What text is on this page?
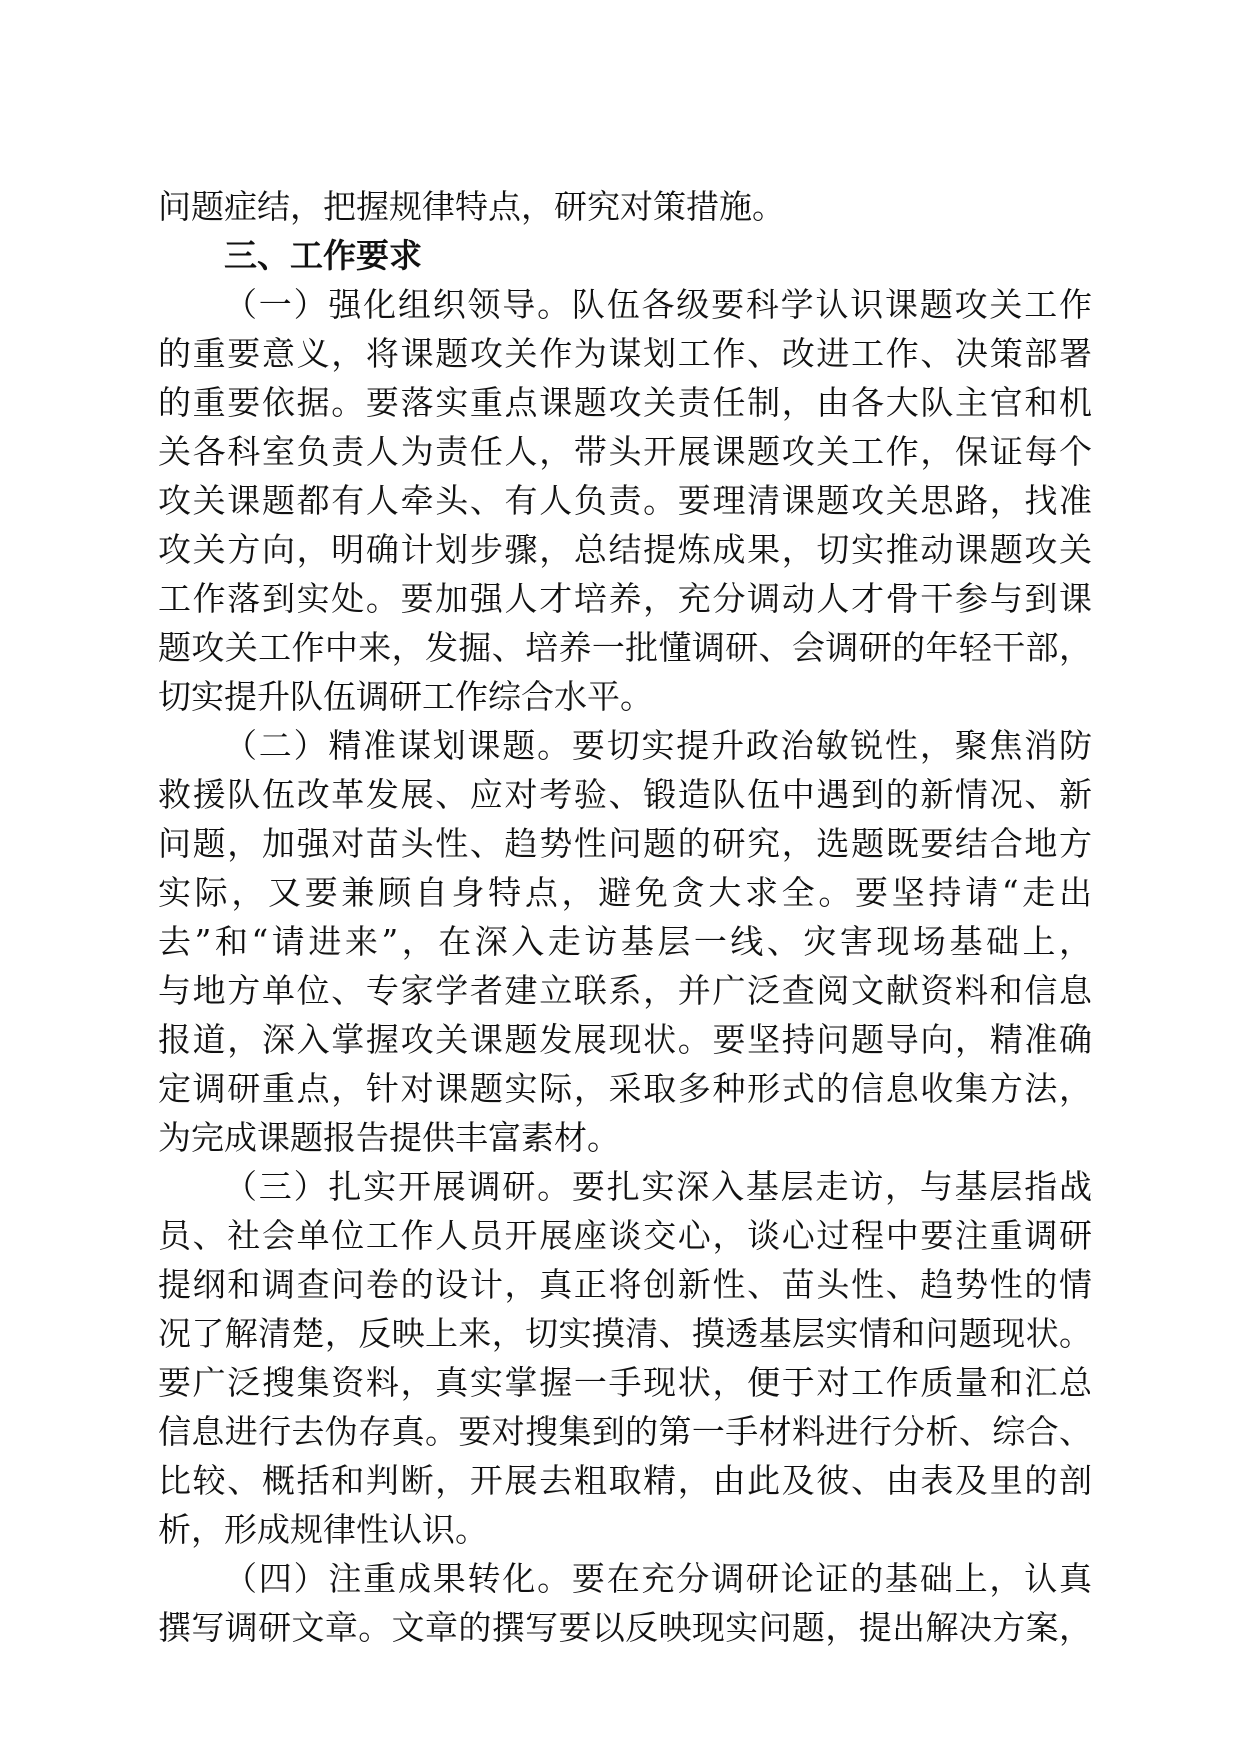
问题症结，把握规律特点，研究对策措施。
三、工作要求
（一）强化组织领导。队伍各级要科学认识课题攻关工作
的重要意义，将课题攻关作为谋划工作、改进工作、决策部署
的重要依据。要落实重点课题攻关责任制，由各大队主官和机
关各科室负责人为责任人，带头开展课题攻关工作，保证每个
攻关课题都有人牵头、有人负责。要理清课题攻关思路，找准
攻关方向，明确计划步骤，总结提炼成果，切实推动课题攻关
工作落到实处。要加强人才培养，充分调动人才骨干参与到课
题攻关工作中来，发掘、培养一批懂调研、会调研的年轻干部，
切实提升队伍调研工作综合水平。
（二）精准谋划课题。要切实提升政治敏锐性，聚焦消防
救援队伍改革发展、应对考验、锻造队伍中遇到的新情况、新
问题，加强对苗头性、趋势性问题的研究，选题既要结合地方
实际，又要兼顾自身特点，避免贪大求全。要坚持请“走出
去”和“请进来”，在深入走访基层一线、灾害现场基础上，
与地方单位、专家学者建立联系，并广泛查阅文献资料和信息
报道，深入掌握攻关课题发展现状。要坚持问题导向，精准确
定调研重点，针对课题实际，采取多种形式的信息收集方法，
为完成课题报告提供丰富素材。
（三）扎实开展调研。要扎实深入基层走访，与基层指战
员、社会单位工作人员开展座谈交心，谈心过程中要注重调研
提纲和调查问卷的设计，真正将创新性、苗头性、趋势性的情
况了解清楚，反映上来，切实摸清、摸透基层实情和问题现状。
要广泛搜集资料，真实掌握一手现状，便于对工作质量和汇总
信息进行去伪存真。要对搜集到的第一手材料进行分析、综合、
比较、概括和判断，开展去粗取精，由此及彼、由表及里的剖
析，形成规律性认识。
（四）注重成果转化。要在充分调研论证的基础上，认真
撰写调研文章。文章的撰写要以反映现实问题，提出解决方案，
